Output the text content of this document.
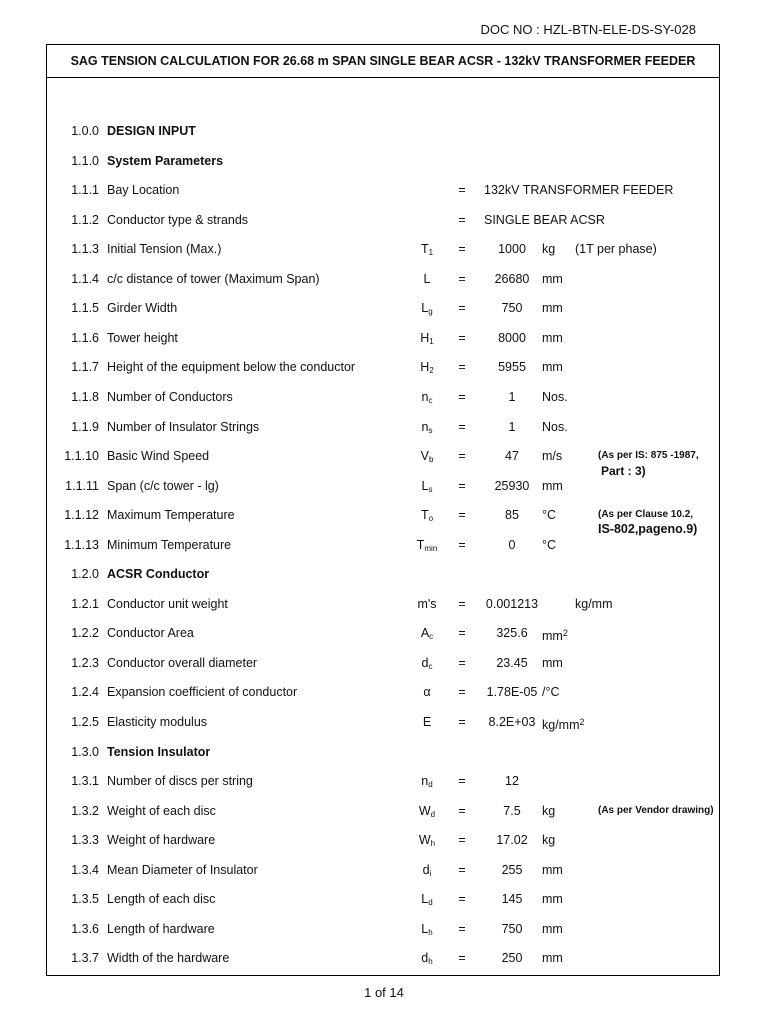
DOC NO : HZL-BTN-ELE-DS-SY-028
SAG TENSION CALCULATION FOR 26.68 m SPAN SINGLE BEAR ACSR - 132kV TRANSFORMER FEEDER
1.0.0 DESIGN INPUT
1.1.0 System Parameters
1.1.1 Bay Location	= 132kV TRANSFORMER FEEDER
1.1.2 Conductor type & strands	= SINGLE BEAR ACSR
1.1.3 Initial Tension (Max.)	$T_1$	=	1000	kg (1T per phase)
1.1.4 c/c distance of tower (Maximum Span)	L	=	26680	mm
1.1.5 Girder Width	$L_g$	=	750	mm
1.1.6 Tower height	$H_1$	=	8000	mm
1.1.7 Height of the equipment below the conductor	$H_2$	=	5955	mm
1.1.8 Number of Conductors	$n_c$	=	1	Nos.
1.1.9 Number of Insulator Strings	$n_s$	=	1	Nos.
1.1.10 Basic Wind Speed	$V_b$	=	47	m/s	(As per IS: 875 -1987,
Part : 3)
1.1.11 Span (c/c tower - lg)	$L_s$	=	25930	mm
1.1.12 Maximum Temperature	$T_o$	=	85	°C	(As per Clause 10.2,
IS-802,pageno.9)
1.1.13 Minimum Temperature	$T_{min}$	=	0	°C
1.2.0 ACSR Conductor
1.2.1 Conductor unit weight	m's	=	0.001213	kg/mm
1.2.2 Conductor Area	$A_c$	=	325.6	$mm^2$
1.2.3 Conductor overall diameter	$d_c$	=	23.45	mm
1.2.4 Expansion coefficient of conductor	α	=	1.78E-05 /°C
1.2.5 Elasticity modulus	E	=	8.2E+03 $kg/mm^2$
1.3.0 Tension Insulator
1.3.1 Number of discs per string	$n_d$	=	12
1.3.2 Weight of each disc	$W_d$	=	7.5	kg	(As per Vendor drawing)
1.3.3 Weight of hardware	$W_h$	=	17.02	kg
1.3.4 Mean Diameter of Insulator	$d_i$	=	255	mm
1.3.5 Length of each disc	$L_d$	=	145	mm
1.3.6 Length of hardware	$L_h$	=	750	mm
1.3.7 Width of the hardware	$d_h$	=	250	mm
1 of 14
